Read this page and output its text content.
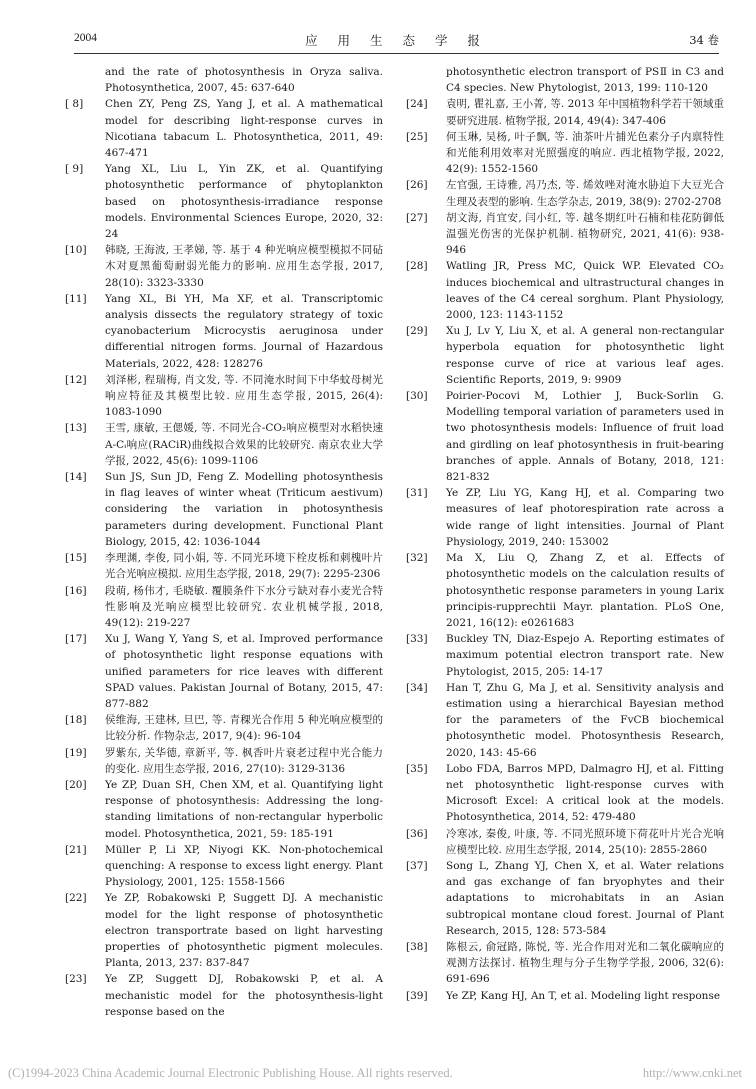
2004	应 用 生 态 学 报	34 卷
and the rate of photosynthesis in Oryza saliva. Photosynthetica, 2007, 45: 637-640
[ 8]	Chen ZY, Peng ZS, Yang J, et al. A mathematical model for describing light-response curves in Nicotiana tabacum L. Photosynthetica, 2011, 49: 467-471
[ 9]	Yang XL, Liu L, Yin ZK, et al. Quantifying photosynthetic performance of phytoplankton based on photosynthesis-irradiance response models. Environmental Sciences Europe, 2020, 32: 24
[10]	韩晓, 王海波, 王孝娣, 等. 基于 4 种光响应模型模拟不同砧木对夏黑葡萄耐弱光能力的影响. 应用生态学报, 2017, 28(10): 3323-3330
[11]	Yang XL, Bi YH, Ma XF, et al. Transcriptomic analysis dissects the regulatory strategy of toxic cyanobacterium Microcystis aeruginosa under differential nitrogen forms. Journal of Hazardous Materials, 2022, 428: 128276
[12]	刘泽彬, 程瑞梅, 肖文发, 等. 不同淹水时间下中华蚊母树光响应特征及其模型比较. 应用生态学报, 2015, 26(4): 1083-1090
[13]	王雪, 康敏, 王偲媛, 等. 不同光合-CO₂响应模型对水稻快速 A-Cᵢ响应(RACiR)曲线拟合效果的比较研究. 南京农业大学学报, 2022, 45(6): 1099-1106
[14]	Sun JS, Sun JD, Feng Z. Modelling photosynthesis in flag leaves of winter wheat (Triticum aestivum) considering the variation in photosynthesis parameters during development. Functional Plant Biology, 2015, 42: 1036-1044
[15]	李理渊, 李俊, 同小娟, 等. 不同光环境下栓皮栎和刺槐叶片光合光响应模拟. 应用生态学报, 2018, 29(7): 2295-2306
[16]	段萌, 杨伟才, 毛晓敏. 覆膜条件下水分亏缺对春小麦光合特性影响及光响应模型比较研究. 农业机械学报, 2018, 49(12): 219-227
[17]	Xu J, Wang Y, Yang S, et al. Improved performance of photosynthetic light response equations with unified parameters for rice leaves with different SPAD values. Pakistan Journal of Botany, 2015, 47: 877-882
[18]	侯维海, 王建林, 旦巴, 等. 青稞光合作用 5 种光响应模型的比较分析. 作物杂志, 2017, 9(4): 96-104
[19]	罗紫东, 关华德, 章新平, 等. 枫香叶片衰老过程中光合能力的变化. 应用生态学报, 2016, 27(10): 3129-3136
[20]	Ye ZP, Duan SH, Chen XM, et al. Quantifying light response of photosynthesis: Addressing the long-standing limitations of non-rectangular hyperbolic model. Photosynthetica, 2021, 59: 185-191
[21]	Müller P, Li XP, Niyogi KK. Non-photochemical quenching: A response to excess light energy. Plant Physiology, 2001, 125: 1558-1566
[22]	Ye ZP, Robakowski P, Suggett DJ. A mechanistic model for the light response of photosynthetic electron transportrate based on light harvesting properties of photosynthetic pigment molecules. Planta, 2013, 237: 837-847
[23]	Ye ZP, Suggett DJ, Robakowski P, et al. A mechanistic model for the photosynthesis-light response based on the
photosynthetic electron transport of PSⅡ in C3 and C4 species. New Phytologist, 2013, 199: 110-120
[24]	袁明, 瞿礼嘉, 王小菁, 等. 2013 年中国植物科学若干领域重要研究进展. 植物学报, 2014, 49(4): 347-406
[25]	何玉琳, 吴杨, 叶子飘, 等. 油茶叶片捕光色素分子内禀特性和光能利用效率对光照强度的响应. 西北植物学报, 2022, 42(9): 1552-1560
[26]	左官强, 王诗雅, 冯乃杰, 等. 烯效唑对淹水胁迫下大豆光合生理及表型的影响. 生态学杂志, 2019, 38(9): 2702-2708
[27]	胡文海, 肖宜安, 闫小红, 等. 越冬期红叶石楠和桂花防御低温强光伤害的光保护机制. 植物研究, 2021, 41(6): 938-946
[28]	Watling JR, Press MC, Quick WP. Elevated CO₂ induces biochemical and ultrastructural changes in leaves of the C4 cereal sorghum. Plant Physiology, 2000, 123: 1143-1152
[29]	Xu J, Lv Y, Liu X, et al. A general non-rectangular hyperbola equation for photosynthetic light response curve of rice at various leaf ages. Scientific Reports, 2019, 9: 9909
[30]	Poirier-Pocovi M, Lothier J, Buck-Sorlin G. Modelling temporal variation of parameters used in two photosynthesis models: Influence of fruit load and girdling on leaf photosynthesis in fruit-bearing branches of apple. Annals of Botany, 2018, 121: 821-832
[31]	Ye ZP, Liu YG, Kang HJ, et al. Comparing two measures of leaf photorespiration rate across a wide range of light intensities. Journal of Plant Physiology, 2019, 240: 153002
[32]	Ma X, Liu Q, Zhang Z, et al. Effects of photosynthetic models on the calculation results of photosynthetic response parameters in young Larix principis-rupprechtii Mayr. plantation. PLoS One, 2021, 16(12): e0261683
[33]	Buckley TN, Diaz-Espejo A. Reporting estimates of maximum potential electron transport rate. New Phytologist, 2015, 205: 14-17
[34]	Han T, Zhu G, Ma J, et al. Sensitivity analysis and estimation using a hierarchical Bayesian method for the parameters of the FvCB biochemical photosynthetic model. Photosynthesis Research, 2020, 143: 45-66
[35]	Lobo FDA, Barros MPD, Dalmagro HJ, et al. Fitting net photosynthetic light-response curves with Microsoft Excel: A critical look at the models. Photosynthetica, 2014, 52: 479-480
[36]	冷寒冰, 秦俊, 叶康, 等. 不同光照环境下荷花叶片光合光响应模型比较. 应用生态学报, 2014, 25(10): 2855-2860
[37]	Song L, Zhang YJ, Chen X, et al. Water relations and gas exchange of fan bryophytes and their adaptations to microhabitats in an Asian subtropical montane cloud forest. Journal of Plant Research, 2015, 128: 573-584
[38]	陈根云, 俞冠路, 陈悦, 等. 光合作用对光和二氧化碳响应的观测方法探讨. 植物生理与分子生物学学报, 2006, 32(6): 691-696
[39]	Ye ZP, Kang HJ, An T, et al. Modeling light response
(C)1994-2023 China Academic Journal Electronic Publishing House. All rights reserved.	http://www.cnki.net
